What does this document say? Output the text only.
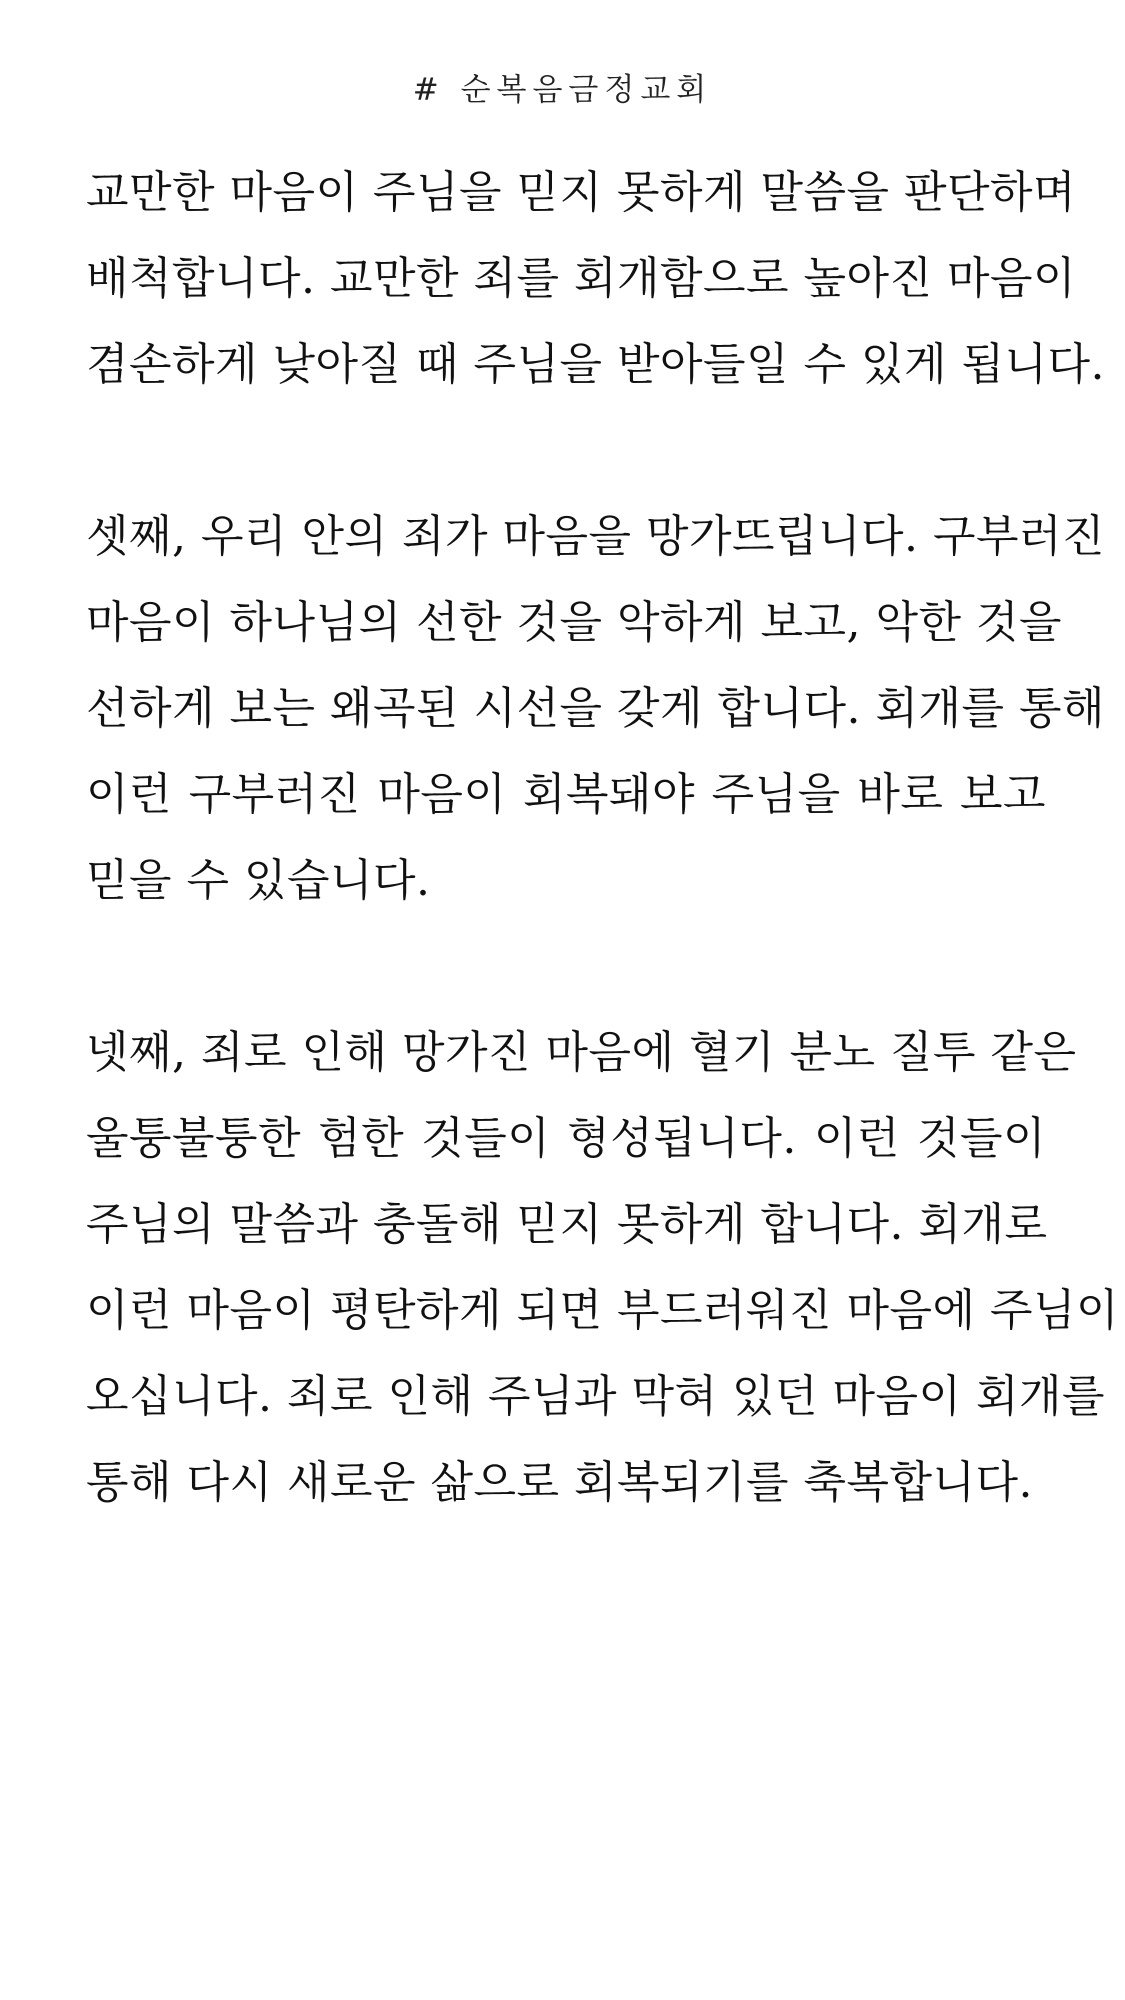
# 순복음금정교회

교만한 마음이 주님을 믿지 못하게 말씀을 판단하며
배척합니다. 교만한 죄를 회개함으로 높아진 마음이
겸손하게 낮아질 때 주님을 받아들일 수 있게 됩니다.

셋째, 우리 안의 죄가 마음을 망가뜨립니다. 구부러진
마음이 하나님의 선한 것을 악하게 보고, 악한 것을
선하게 보는 왜곡된 시선을 갖게 합니다. 회개를 통해
이런 구부러진 마음이 회복돼야 주님을 바로 보고
믿을 수 있습니다.

넷째, 죄로 인해 망가진 마음에 혈기 분노 질투 같은
울퉁불퉁한 험한 것들이 형성됩니다. 이런 것들이
주님의 말씀과 충돌해 믿지 못하게 합니다. 회개로
이런 마음이 평탄하게 되면 부드러워진 마음에 주님이
오십니다. 죄로 인해 주님과 막혀 있던 마음이 회개를
통해 다시 새로운 삶으로 회복되기를 축복합니다.
